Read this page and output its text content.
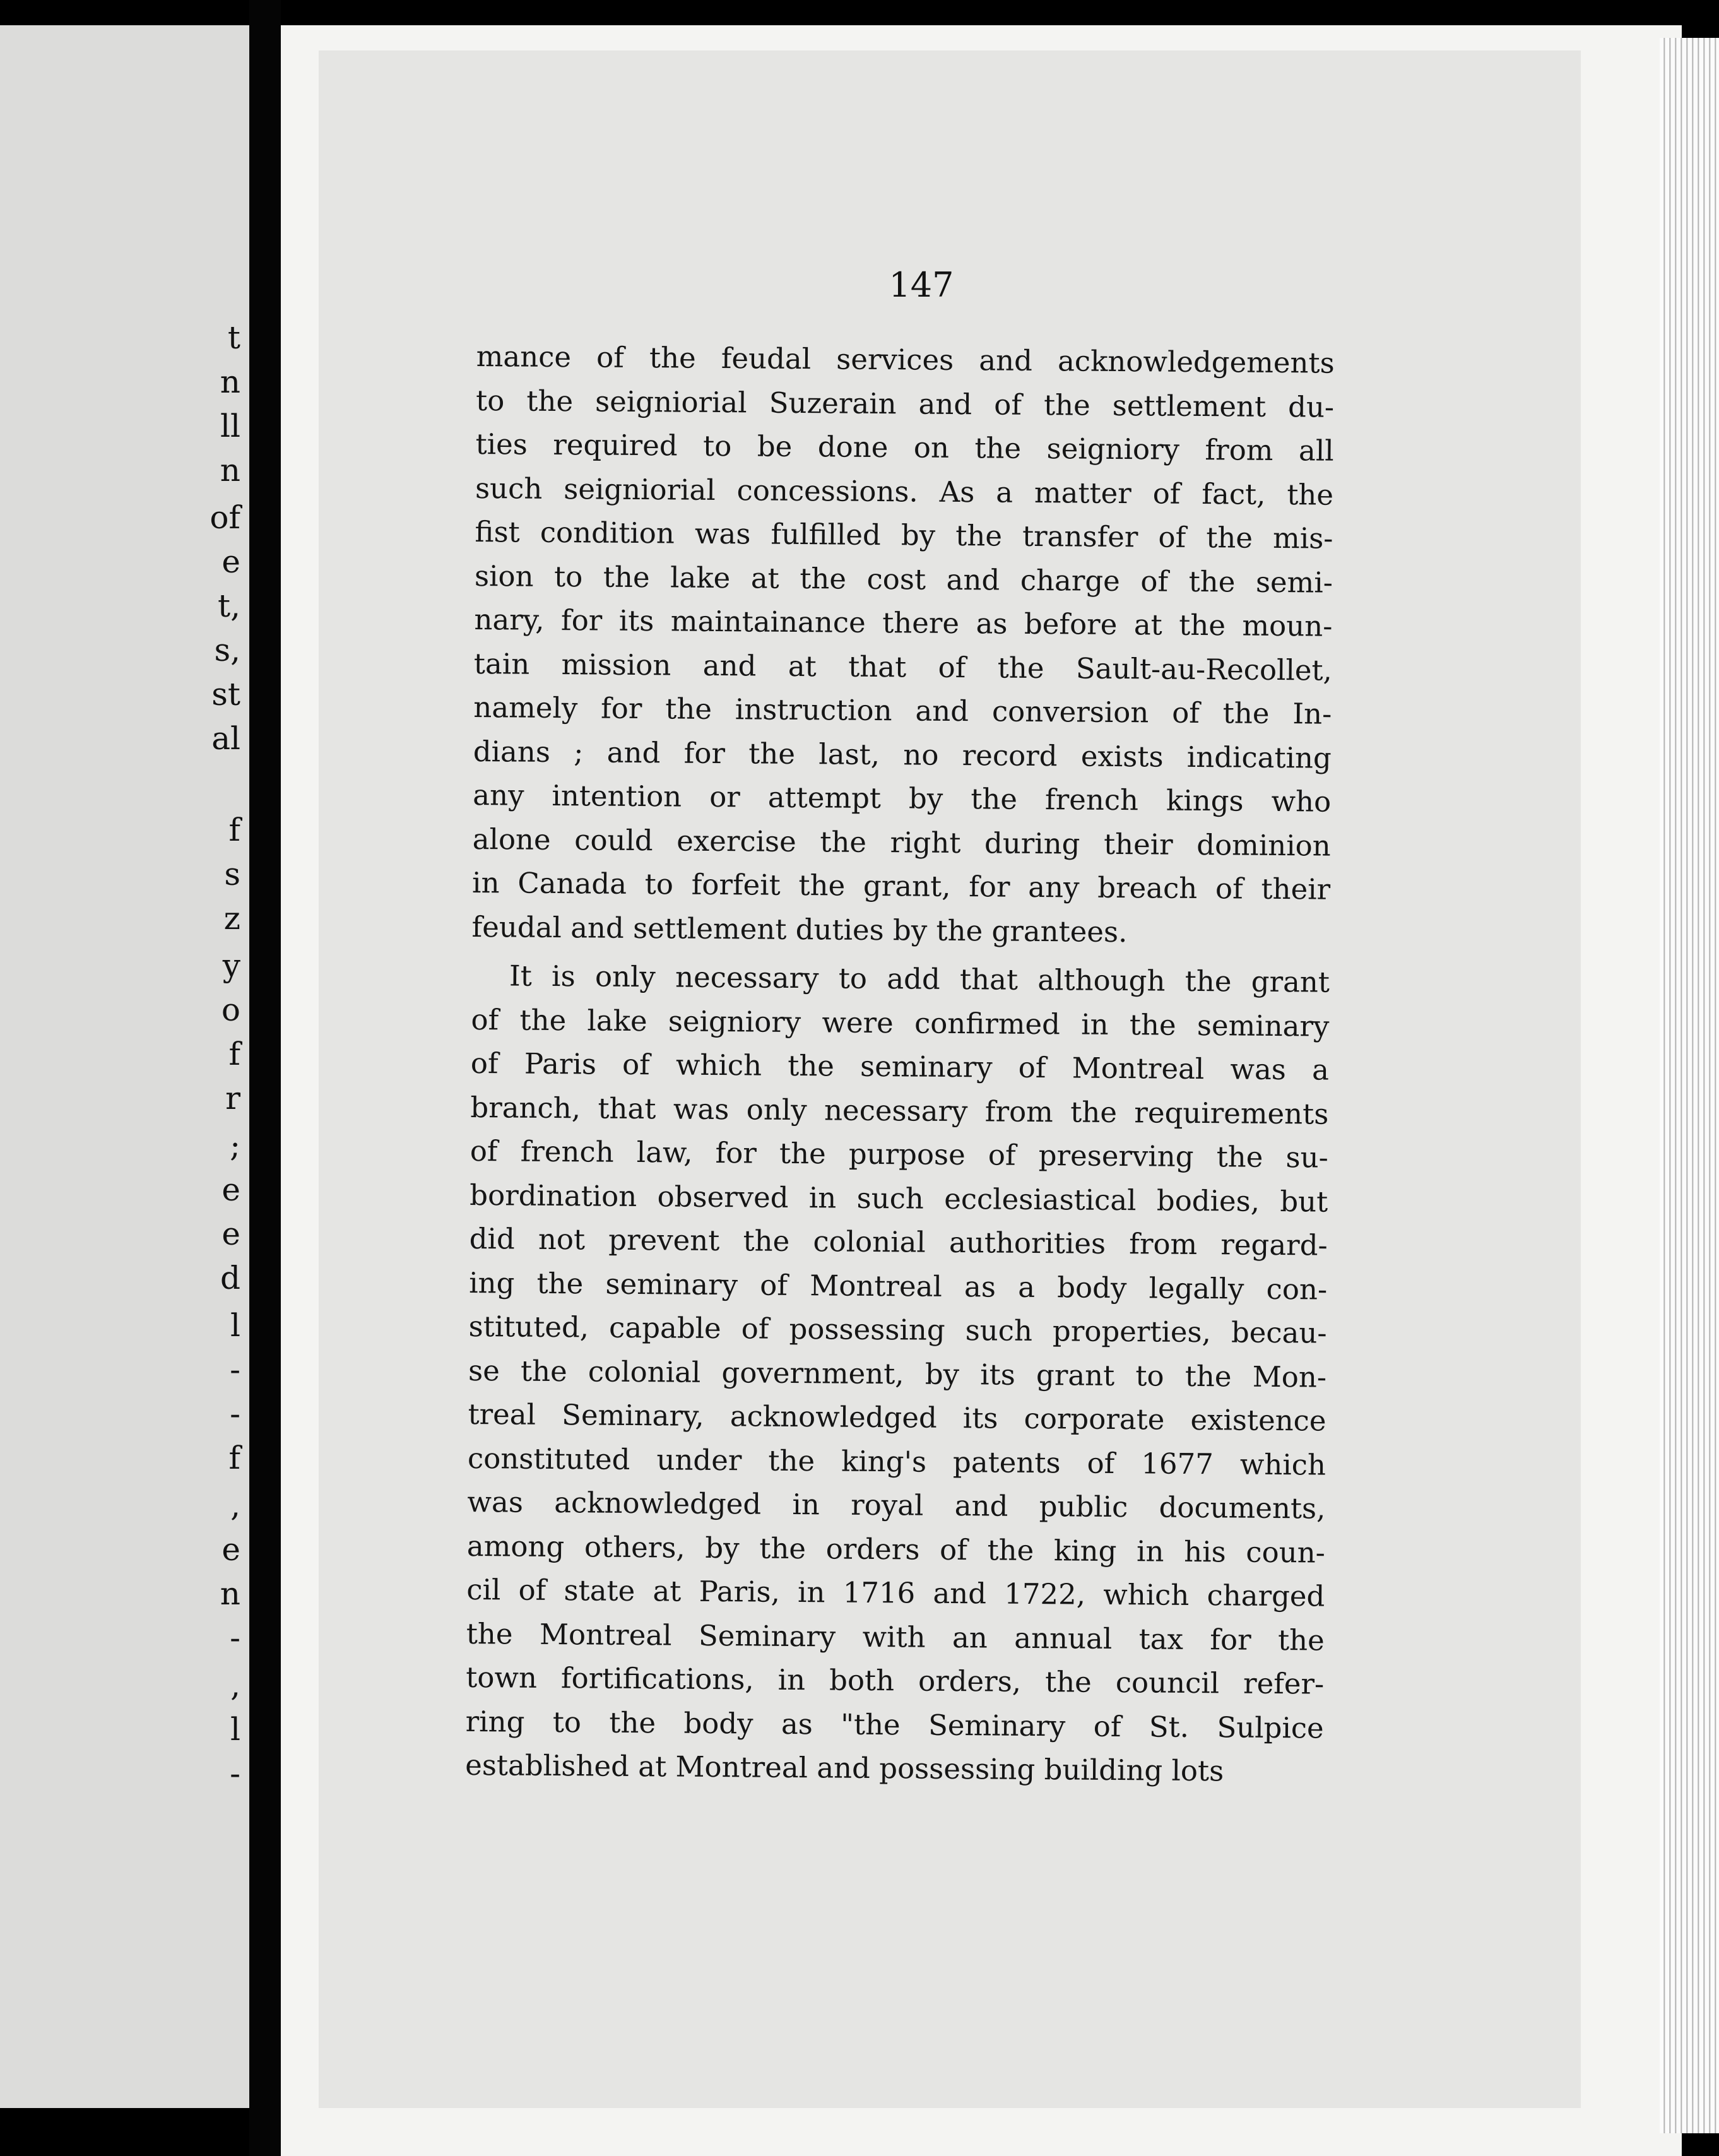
t
n
ll
n
of
e
t,
s,
st
al
f
s
z
y
o
f
r
;
e
e
d
l
-
-
f
,
e
n
-
,
l
-
147
mance of the feudal services and acknowledgements
to the seigniorial Suzerain and of the settlement du-
ties required to be done on the seigniory from all
such seigniorial concessions. As a matter of fact, the
fist condition was fulfilled by the transfer of the mis-
sion to the lake at the cost and charge of the semi-
nary, for its maintainance there as before at the moun-
tain mission and at that of the Sault-au-Recollet,
namely for the instruction and conversion of the In-
dians ; and for the last, no record exists indicating
any intention or attempt by the french kings who
alone could exercise the right during their dominion
in Canada to forfeit the grant, for any breach of their
feudal and settlement duties by the grantees.
It is only necessary to add that although the grant
of the lake seigniory were confirmed in the seminary
of Paris of which the seminary of Montreal was a
branch, that was only necessary from the requirements
of french law, for the purpose of preserving the su-
bordination observed in such ecclesiastical bodies, but
did not prevent the colonial authorities from regard-
ing the seminary of Montreal as a body legally con-
stituted, capable of possessing such properties, becau-
se the colonial government, by its grant to the Mon-
treal Seminary, acknowledged its corporate existence
constituted under the king's patents of 1677 which
was acknowledged in royal and public documents,
among others, by the orders of the king in his coun-
cil of state at Paris, in 1716 and 1722, which charged
the Montreal Seminary with an annual tax for the
town fortifications, in both orders, the council refer-
ring to the body as "the Seminary of St. Sulpice
established at Montreal and possessing building lots
